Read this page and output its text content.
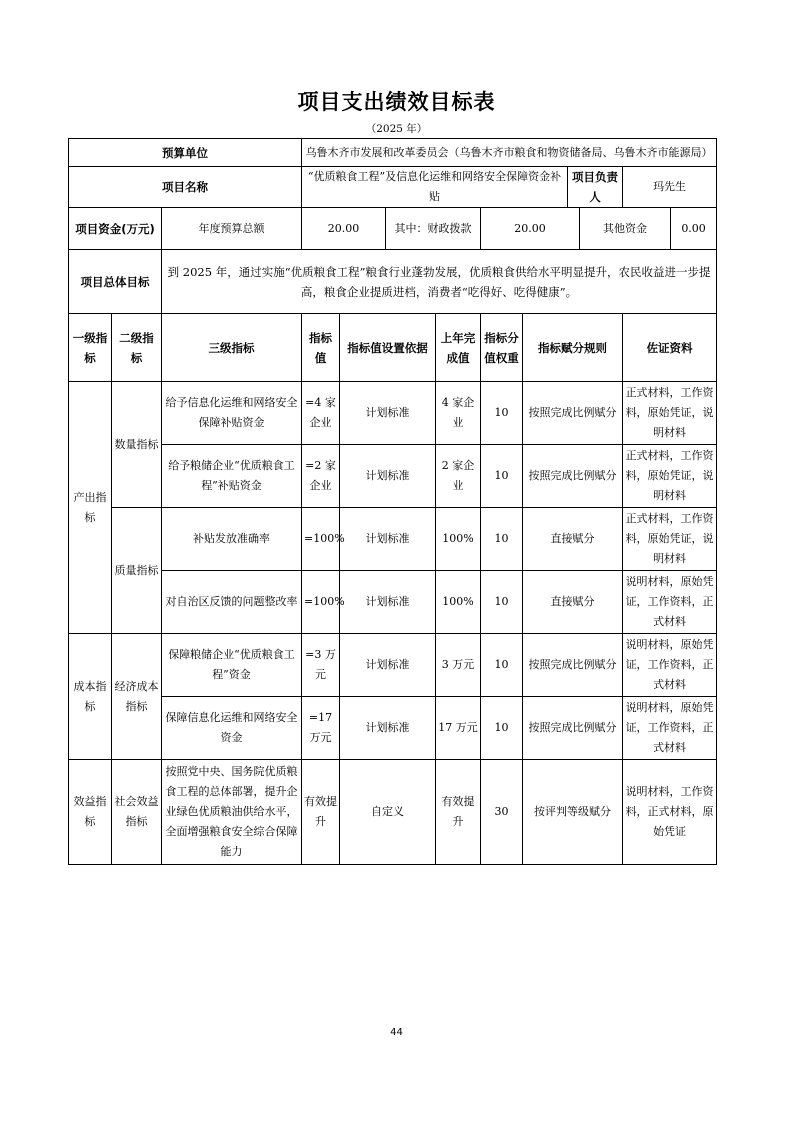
项目支出绩效目标表
（2025 年）
预算单位			乌鲁木齐市发展和改革委员会（乌鲁木齐市粮食和物资储备局、乌鲁木齐市能源局）									
项目名称			“优质粮食工程”及信息化运维和网络安全保障资金补贴						项目负责人		玛先生	
项目资金(万元)		年度预算总额	20.00		其中：财政拨款		20.00			其他资金		0.00
项目总体目标		到 2025 年，通过实施“优质粮食工程”粮食行业蓬勃发展，优质粮食供给水平明显提升，农民收益进一步提高，粮食企业提质进档，消费者“吃得好、吃得健康”。										
一级指标	二级指标	三级指标	指标值	指标值设置依据		上年完成值	指标分值权重	指标赋分规则			佐证资料	
产出指标	数量指标	给予信息化运维和网络安全保障补贴资金	=4 家企业	计划标准		4 家企业	10	按照完成比例赋分			正式材料，工作资料，原始凭证，说明材料	
		给予粮储企业“优质粮食工程”补贴资金	=2 家企业	计划标准		2 家企业	10	按照完成比例赋分			正式材料，工作资料，原始凭证，说明材料	
	质量指标	补贴发放准确率	=100%	计划标准		100%	10	直接赋分			正式材料，工作资料，原始凭证，说明材料	
		对自治区反馈的问题整改率	=100%	计划标准		100%	10	直接赋分			说明材料，原始凭证，工作资料，正式材料	
成本指标	经济成本指标	保障粮储企业“优质粮食工程”资金	=3 万元	计划标准		3 万元	10	按照完成比例赋分			说明材料，原始凭证，工作资料，正式材料	
		保障信息化运维和网络安全资金	=17 万元	计划标准		17 万元	10	按照完成比例赋分			说明材料，原始凭证，工作资料，正式材料	
效益指标	社会效益指标	按照党中央、国务院优质粮食工程的总体部署，提升企业绿色优质粮油供给水平，全面增强粮食安全综合保障能力	有效提升	自定义		有效提升	30	按评判等级赋分			说明材料，工作资料，正式材料，原始凭证	
44
